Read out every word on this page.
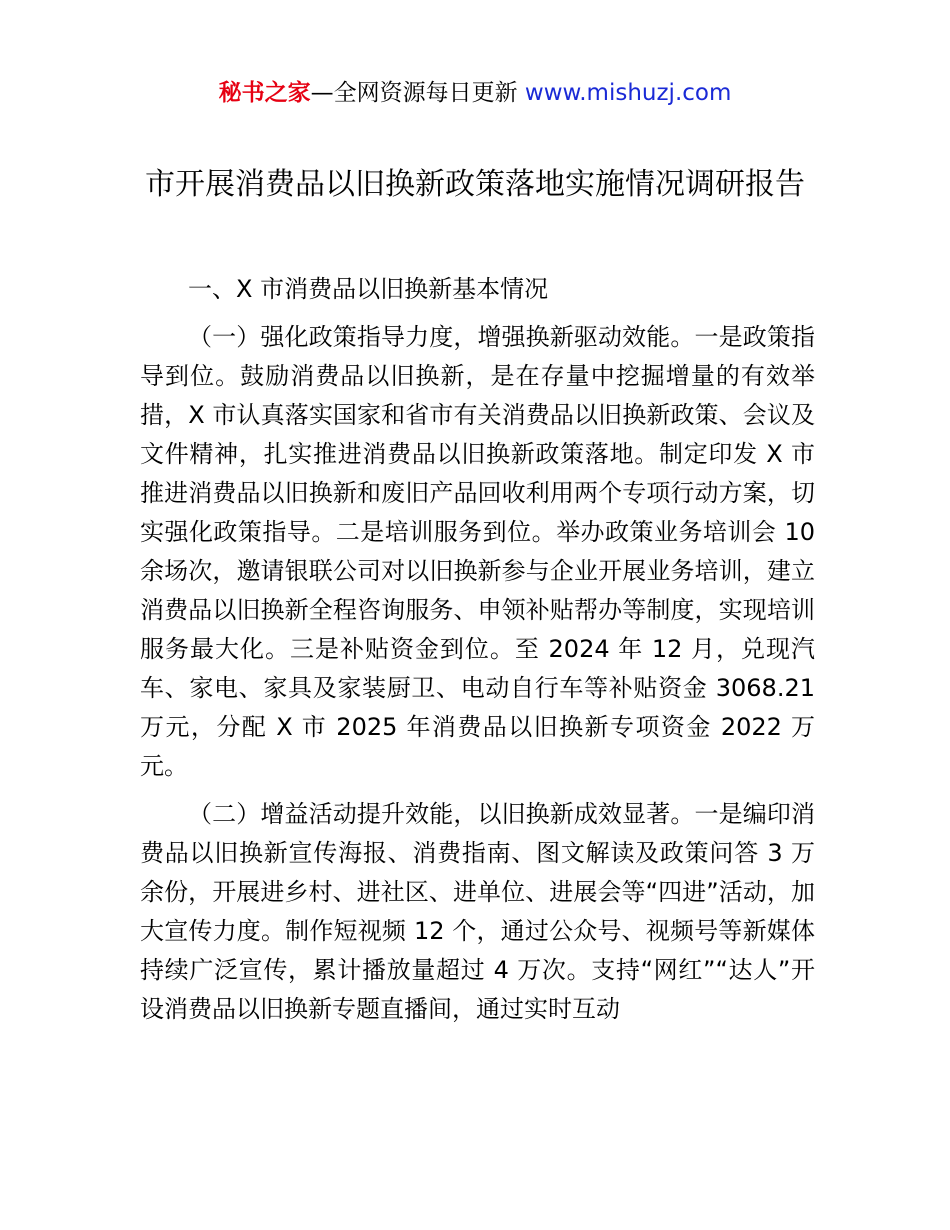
秘书之家—全网资源每日更新 www.mishuzj.com
市开展消费品以旧换新政策落地实施情况调研报告

一、X 市消费品以旧换新基本情况

（一）强化政策指导力度，增强换新驱动效能。一是政策指导到位。鼓励消费品以旧换新，是在存量中挖掘增量的有效举措，X 市认真落实国家和省市有关消费品以旧换新政策、会议及文件精神，扎实推进消费品以旧换新政策落地。制定印发 X 市推进消费品以旧换新和废旧产品回收利用两个专项行动方案，切实强化政策指导。二是培训服务到位。举办政策业务培训会 10 余场次，邀请银联公司对以旧换新参与企业开展业务培训，建立消费品以旧换新全程咨询服务、申领补贴帮办等制度，实现培训服务最大化。三是补贴资金到位。至 2024 年 12 月，兑现汽车、家电、家具及家装厨卫、电动自行车等补贴资金 3068.21 万元，分配 X 市 2025 年消费品以旧换新专项资金 2022 万元。

（二）增益活动提升效能，以旧换新成效显著。一是编印消费品以旧换新宣传海报、消费指南、图文解读及政策问答 3 万余份，开展进乡村、进社区、进单位、进展会等“四进”活动，加大宣传力度。制作短视频 12 个，通过公众号、视频号等新媒体持续广泛宣传，累计播放量超过 4 万次。支持“网红”“达人”开设消费品以旧换新专题直播间，通过实时互动
